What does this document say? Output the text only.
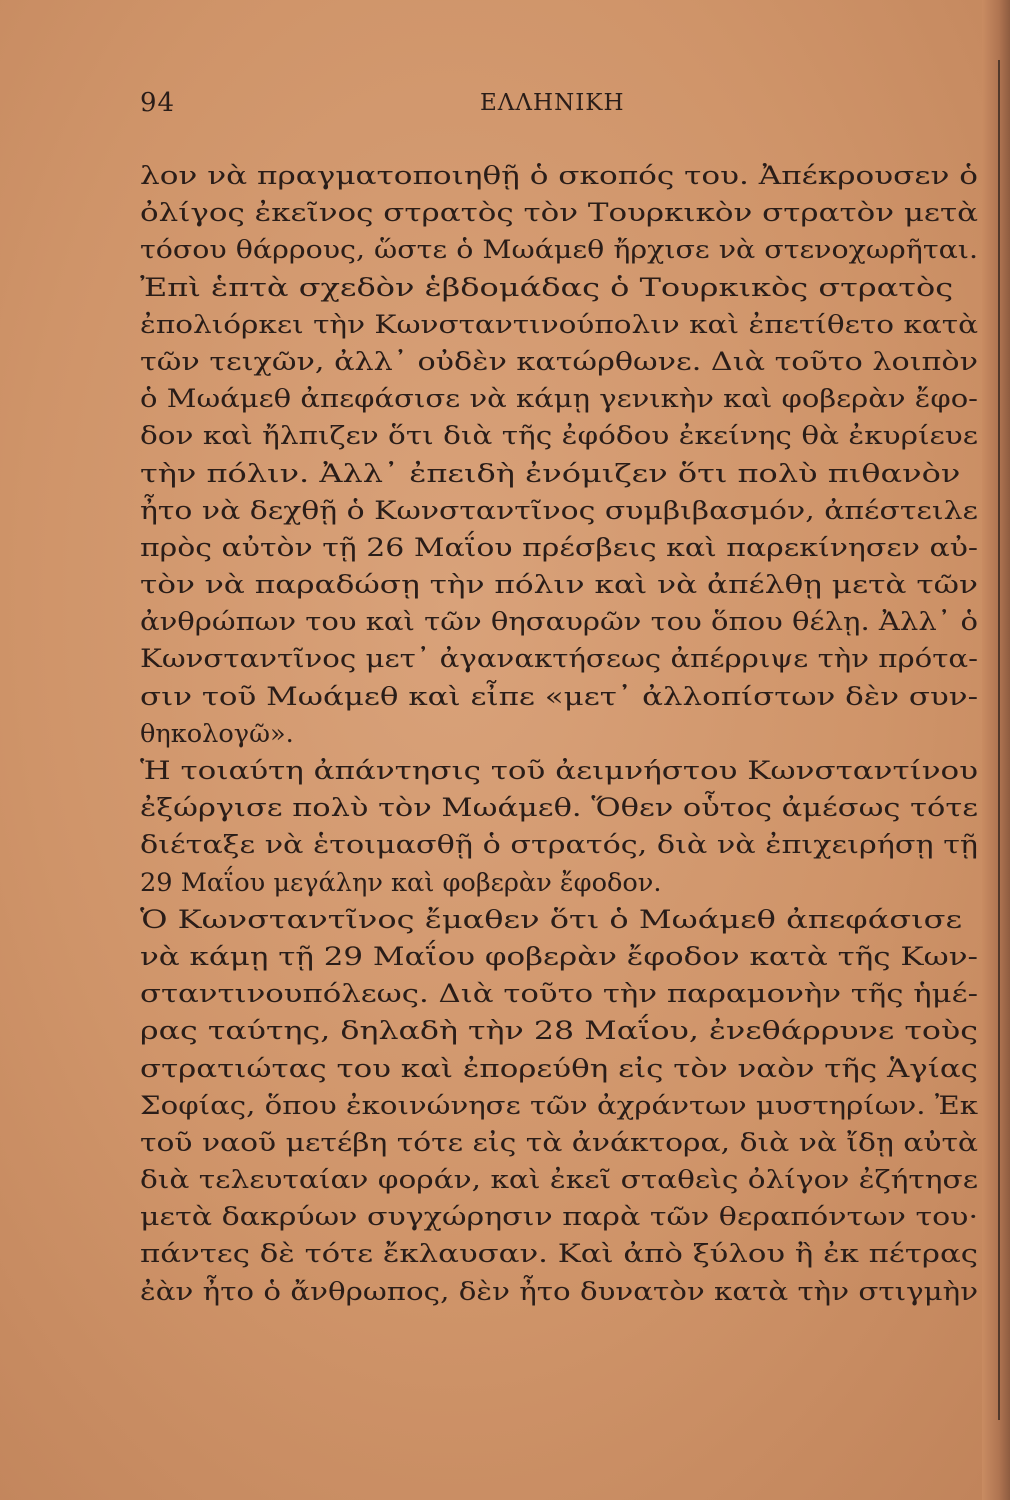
94	ΕΛΛΗΝΙΚΗ
λον νὰ πραγματοποιηθῇ ὁ σκοπός του. Ἀπέκρουσεν ὁ
ὀλίγος ἐκεῖνος στρατὸς τὸν Τουρκικὸν στρατὸν μετὰ
τόσου θάρρους, ὥστε ὁ Μωάμεθ ἤρχισε νὰ στενοχωρῆται.
Ἐπὶ ἑπτὰ σχεδὸν ἑβδομάδας ὁ Τουρκικὸς στρατὸς
ἐπολιόρκει τὴν Κωνσταντινούπολιν καὶ ἐπετίθετο κατὰ
τῶν τειχῶν, ἀλλ᾽ οὐδὲν κατώρθωνε. Διὰ τοῦτο λοιπὸν
ὁ Μωάμεθ ἀπεφάσισε νὰ κάμῃ γενικὴν καὶ φοβερὰν ἔφο-
δον καὶ ἤλπιζεν ὅτι διὰ τῆς ἐφόδου ἐκείνης θὰ ἐκυρίευε
τὴν πόλιν. Ἀλλ᾽ ἐπειδὴ ἐνόμιζεν ὅτι πολὺ πιθανὸν
ἦτο νὰ δεχθῇ ὁ Κωνσταντῖνος συμβιβασμόν, ἀπέστειλε
πρὸς αὐτὸν τῇ 26 Μαΐου πρέσβεις καὶ παρεκίνησεν αὐ-
τὸν νὰ παραδώσῃ τὴν πόλιν καὶ νὰ ἀπέλθῃ μετὰ τῶν
ἀνθρώπων του καὶ τῶν θησαυρῶν του ὅπου θέλῃ. Ἀλλ᾽ ὁ
Κωνσταντῖνος μετ᾽ ἀγανακτήσεως ἀπέρριψε τὴν πρότα-
σιν τοῦ Μωάμεθ καὶ εἶπε «μετ᾽ ἀλλοπίστων δὲν συν-
θηκολογῶ».
Ἡ τοιαύτη ἀπάντησις τοῦ ἀειμνήστου Κωνσταντίνου
ἐξώργισε πολὺ τὸν Μωάμεθ. Ὅθεν οὗτος ἀμέσως τότε
διέταξε νὰ ἑτοιμασθῇ ὁ στρατός, διὰ νὰ ἐπιχειρήσῃ τῇ
29 Μαΐου μεγάλην καὶ φοβερὰν ἔφοδον.
Ὁ Κωνσταντῖνος ἔμαθεν ὅτι ὁ Μωάμεθ ἀπεφάσισε
νὰ κάμῃ τῇ 29 Μαΐου φοβερὰν ἔφοδον κατὰ τῆς Κων-
σταντινουπόλεως. Διὰ τοῦτο τὴν παραμονὴν τῆς ἡμέ-
ρας ταύτης, δηλαδὴ τὴν 28 Μαΐου, ἐνεθάρρυνε τοὺς
στρατιώτας του καὶ ἐπορεύθη εἰς τὸν ναὸν τῆς Ἁγίας
Σοφίας, ὅπου ἐκοινώνησε τῶν ἀχράντων μυστηρίων. Ἐκ
τοῦ ναοῦ μετέβη τότε εἰς τὰ ἀνάκτορα, διὰ νὰ ἴδῃ αὐτὰ
διὰ τελευταίαν φοράν, καὶ ἐκεῖ σταθεὶς ὀλίγον ἐζήτησε
μετὰ δακρύων συγχώρησιν παρὰ τῶν θεραπόντων του·
πάντες δὲ τότε ἔκλαυσαν. Καὶ ἀπὸ ξύλου ἢ ἐκ πέτρας
ἐὰν ἦτο ὁ ἄνθρωπος, δὲν ἦτο δυνατὸν κατὰ τὴν στιγμὴν
